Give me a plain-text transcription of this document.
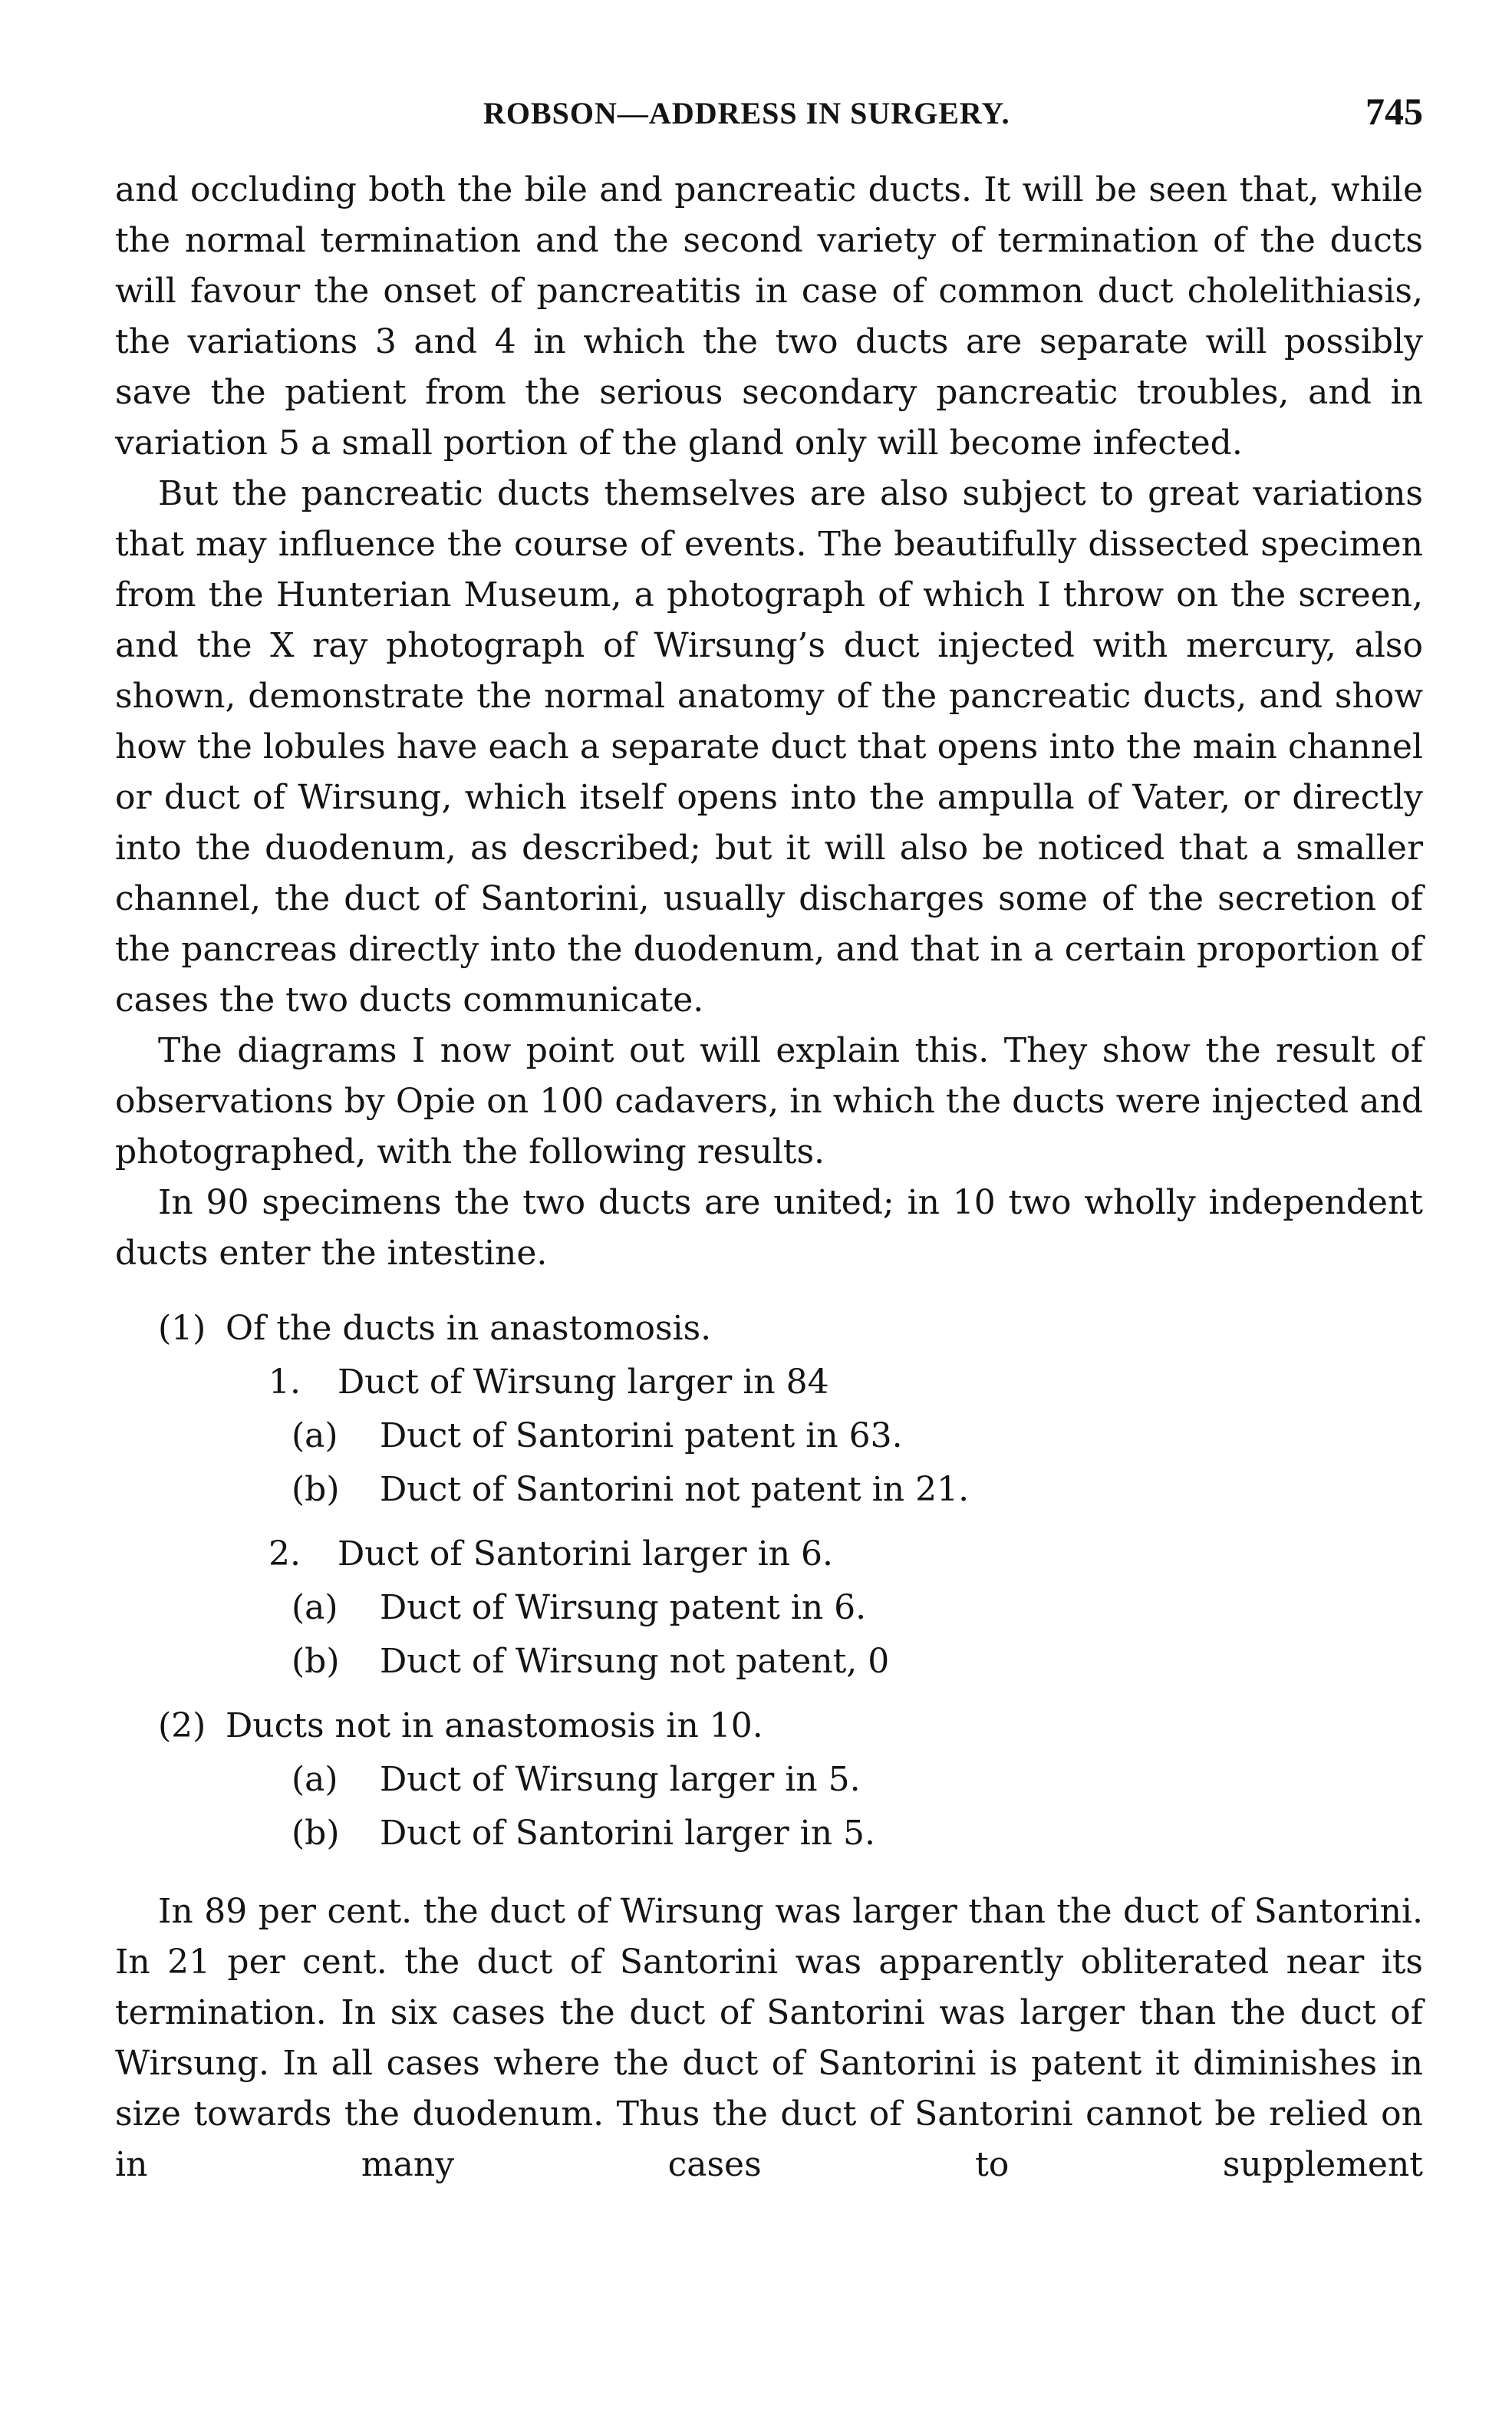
ROBSON—ADDRESS IN SURGERY.	745

and occluding both the bile and pancreatic ducts. It will be seen that, while the normal termination and the second variety of termination of the ducts will favour the onset of pancreatitis in case of common duct cholelithiasis, the variations 3 and 4 in which the two ducts are separate will possibly save the patient from the serious secondary pancreatic troubles, and in variation 5 a small portion of the gland only will become infected.

But the pancreatic ducts themselves are also subject to great variations that may influence the course of events. The beautifully dissected specimen from the Hunterian Museum, a photograph of which I throw on the screen, and the X ray photograph of Wirsung’s duct injected with mercury, also shown, demonstrate the normal anatomy of the pancreatic ducts, and show how the lobules have each a separate duct that opens into the main channel or duct of Wirsung, which itself opens into the ampulla of Vater, or directly into the duodenum, as described; but it will also be noticed that a smaller channel, the duct of Santorini, usually discharges some of the secretion of the pancreas directly into the duodenum, and that in a certain proportion of cases the two ducts communicate.

The diagrams I now point out will explain this. They show the result of observations by Opie on 100 cadavers, in which the ducts were injected and photographed, with the following results.

In 90 specimens the two ducts are united; in 10 two wholly independent ducts enter the intestine.

(1) Of the ducts in anastomosis.
1.	Duct of Wirsung larger in 84
(a)	Duct of Santorini patent in 63.
(b)	Duct of Santorini not patent in 21.
2.	Duct of Santorini larger in 6.
(a)	Duct of Wirsung patent in 6.
(b)	Duct of Wirsung not patent, 0
(2) Ducts not in anastomosis in 10.
(a)	Duct of Wirsung larger in 5.
(b)	Duct of Santorini larger in 5.

In 89 per cent. the duct of Wirsung was larger than the duct of Santorini. In 21 per cent. the duct of Santorini was apparently obliterated near its termination. In six cases the duct of Santorini was larger than the duct of Wirsung. In all cases where the duct of Santorini is patent it diminishes in size towards the duodenum. Thus the duct of Santorini cannot be relied on in many cases to supplement
